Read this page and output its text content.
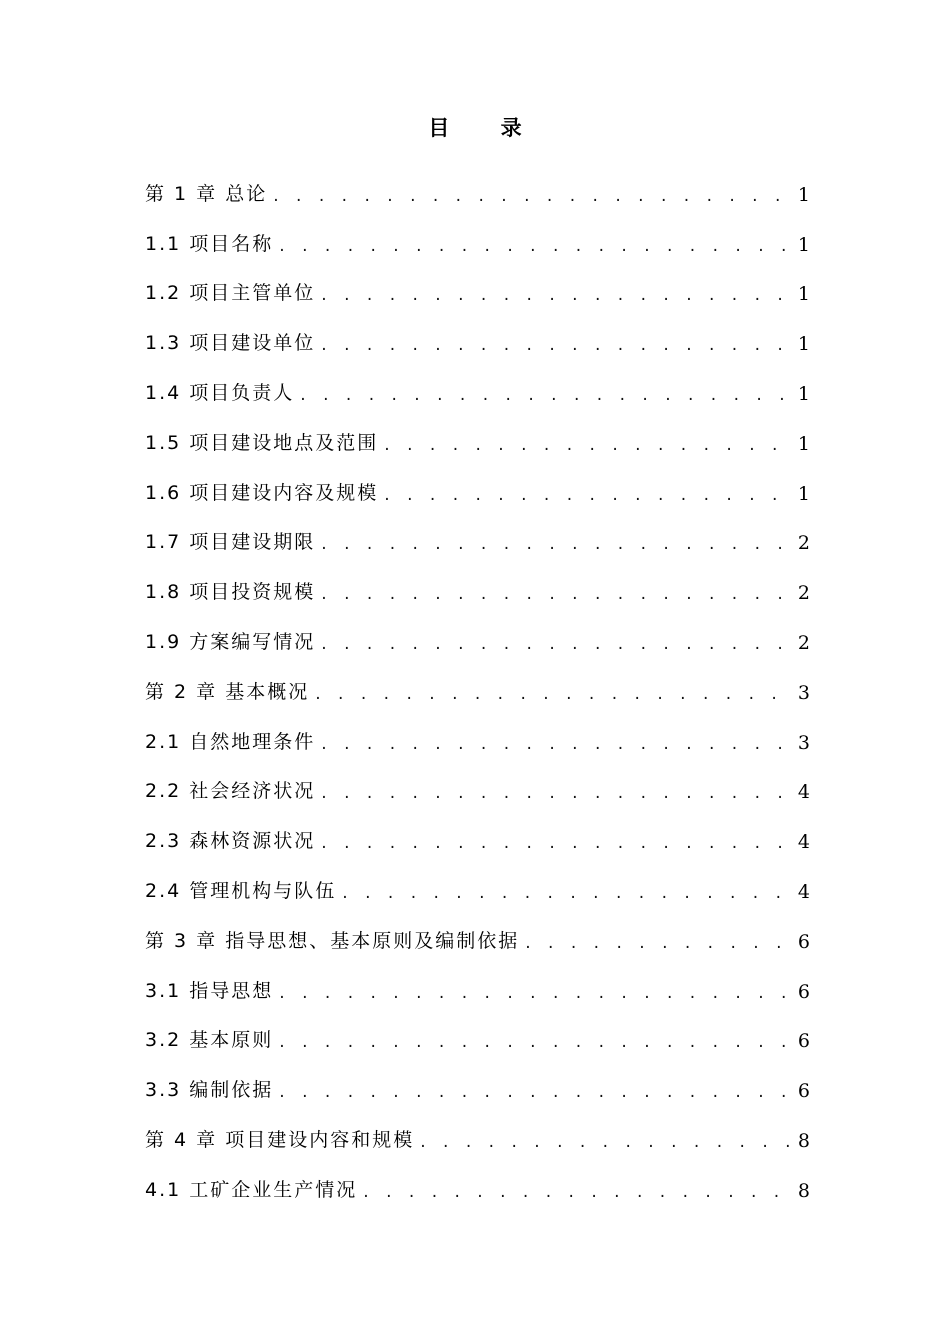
目 录
第 1 章 总论 . . .	1
1.1 项目名称 . . .	1
1.2 项目主管单位 . . .	1
1.3 项目建设单位 . . .	1
1.4 项目负责人 . . .	1
1.5 项目建设地点及范围 . . .	1
1.6 项目建设内容及规模 . . .	1
1.7 项目建设期限 . . .	2
1.8 项目投资规模 . . .	2
1.9 方案编写情况 . . .	2
第 2 章 基本概况 . . .	3
2.1 自然地理条件 . . .	3
2.2 社会经济状况 . . .	4
2.3 森林资源状况 . . .	4
2.4 管理机构与队伍 . . .	4
第 3 章 指导思想、基本原则及编制依据 . . .	6
3.1 指导思想 . . .	6
3.2 基本原则 . . .	6
3.3 编制依据 . . .	6
第 4 章 项目建设内容和规模 . . .	8
4.1 工矿企业生产情况 . . .	8
